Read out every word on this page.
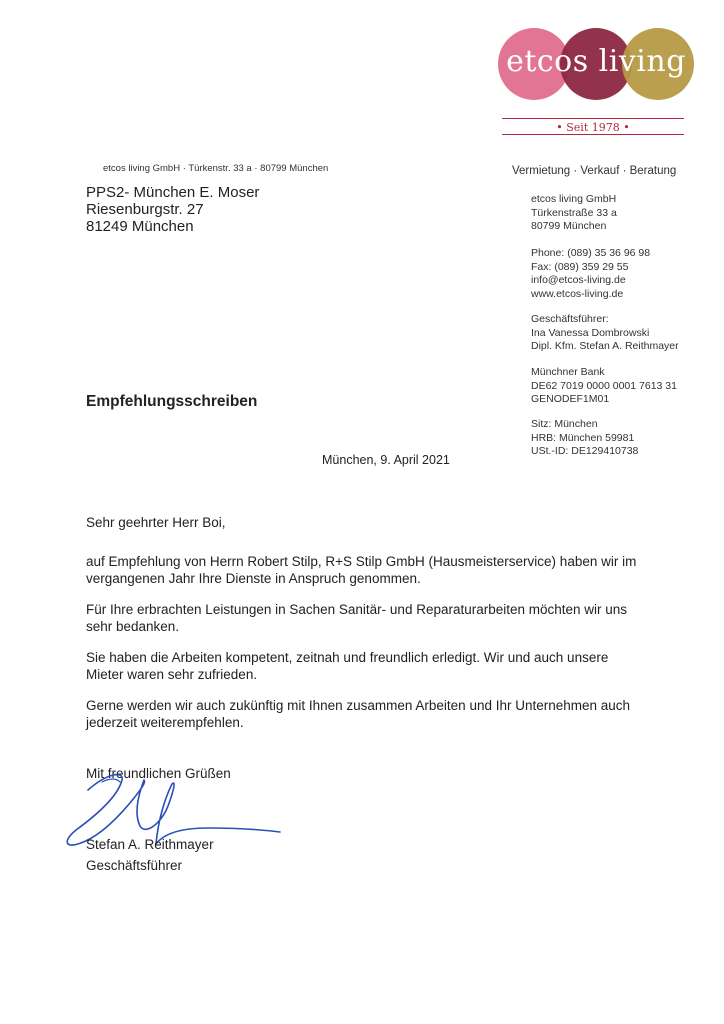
etcos living
• Seit 1978 •
etcos living GmbH · Türkenstr. 33 a · 80799 München
PPS2- München E. Moser
Riesenburgstr. 27
81249 München
Vermietung · Verkauf · Beratung
etcos living GmbH
Türkenstraße 33 a
80799 München
Phone: (089) 35 36 96 98
Fax: (089) 359 29 55
info@etcos-living.de
www.etcos-living.de
Geschäftsführer:
Ina Vanessa Dombrowski
Dipl. Kfm. Stefan A. Reithmayer
Münchner Bank
DE62 7019 0000 0001 7613 31
GENODEF1M01
Sitz: München
HRB: München 59981
USt.-ID: DE129410738
Empfehlungsschreiben
München, 9. April 2021

Sehr geehrter Herr Boi,

auf Empfehlung von Herrn Robert Stilp, R+S Stilp GmbH (Hausmeisterservice) haben wir im vergangenen Jahr Ihre Dienste in Anspruch genommen.

Für Ihre erbrachten Leistungen in Sachen Sanitär- und Reparaturarbeiten möchten wir uns sehr bedanken.

Sie haben die Arbeiten kompetent, zeitnah und freundlich erledigt. Wir und auch unsere Mieter waren sehr zufrieden.

Gerne werden wir auch zukünftig mit Ihnen zusammen Arbeiten und Ihr Unternehmen auch jederzeit weiterempfehlen.

Mit freundlichen Grüßen
Stefan A. Reithmayer
Geschäftsführer
